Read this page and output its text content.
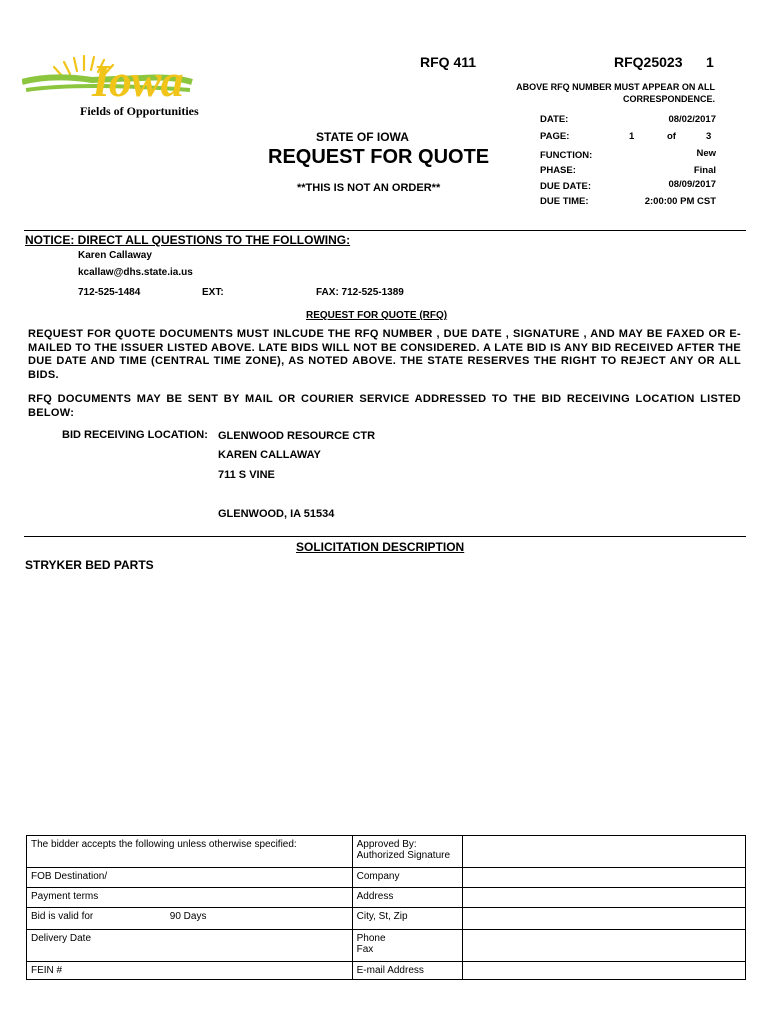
Iowa
Fields of Opportunities
RFQ 411	RFQ25023 1
ABOVE RFQ NUMBER MUST APPEAR ON ALL
CORRESPONDENCE.
STATE OF IOWA
REQUEST FOR QUOTE
**THIS IS NOT AN ORDER**
DATE:	08/02/2017
PAGE:	1	of	3
FUNCTION:	New
PHASE:	Final
DUE DATE:	08/09/2017
DUE TIME:	2:00:00 PM CST
NOTICE: DIRECT ALL QUESTIONS TO THE FOLLOWING:
Karen Callaway
kcallaw@dhs.state.ia.us
712-525-1484	EXT:	FAX: 712-525-1389
REQUEST FOR QUOTE (RFQ)
REQUEST FOR QUOTE DOCUMENTS MUST INLCUDE THE RFQ NUMBER , DUE DATE , SIGNATURE , AND MAY BE FAXED OR E-MAILED TO THE ISSUER LISTED ABOVE. LATE BIDS WILL NOT BE CONSIDERED. A LATE BID IS ANY BID RECEIVED AFTER THE DUE DATE AND TIME (CENTRAL TIME ZONE), AS NOTED ABOVE. THE STATE RESERVES THE RIGHT TO REJECT ANY OR ALL BIDS.
RFQ DOCUMENTS MAY BE SENT BY MAIL OR COURIER SERVICE ADDRESSED TO THE BID RECEIVING LOCATION LISTED BELOW:
BID RECEIVING LOCATION: GLENWOOD RESOURCE CTR
KAREN CALLAWAY
711 S VINE
GLENWOOD, IA 51534
SOLICITATION DESCRIPTION
STRYKER BED PARTS
The bidder accepts the following unless otherwise specified:	Approved By:
Authorized Signature	

FOB Destination/	Company	
Payment terms	Address	
Bid is valid for 90 Days	City, St, Zip	
Delivery Date	Phone
Fax	

FEIN #	E-mail Address	
